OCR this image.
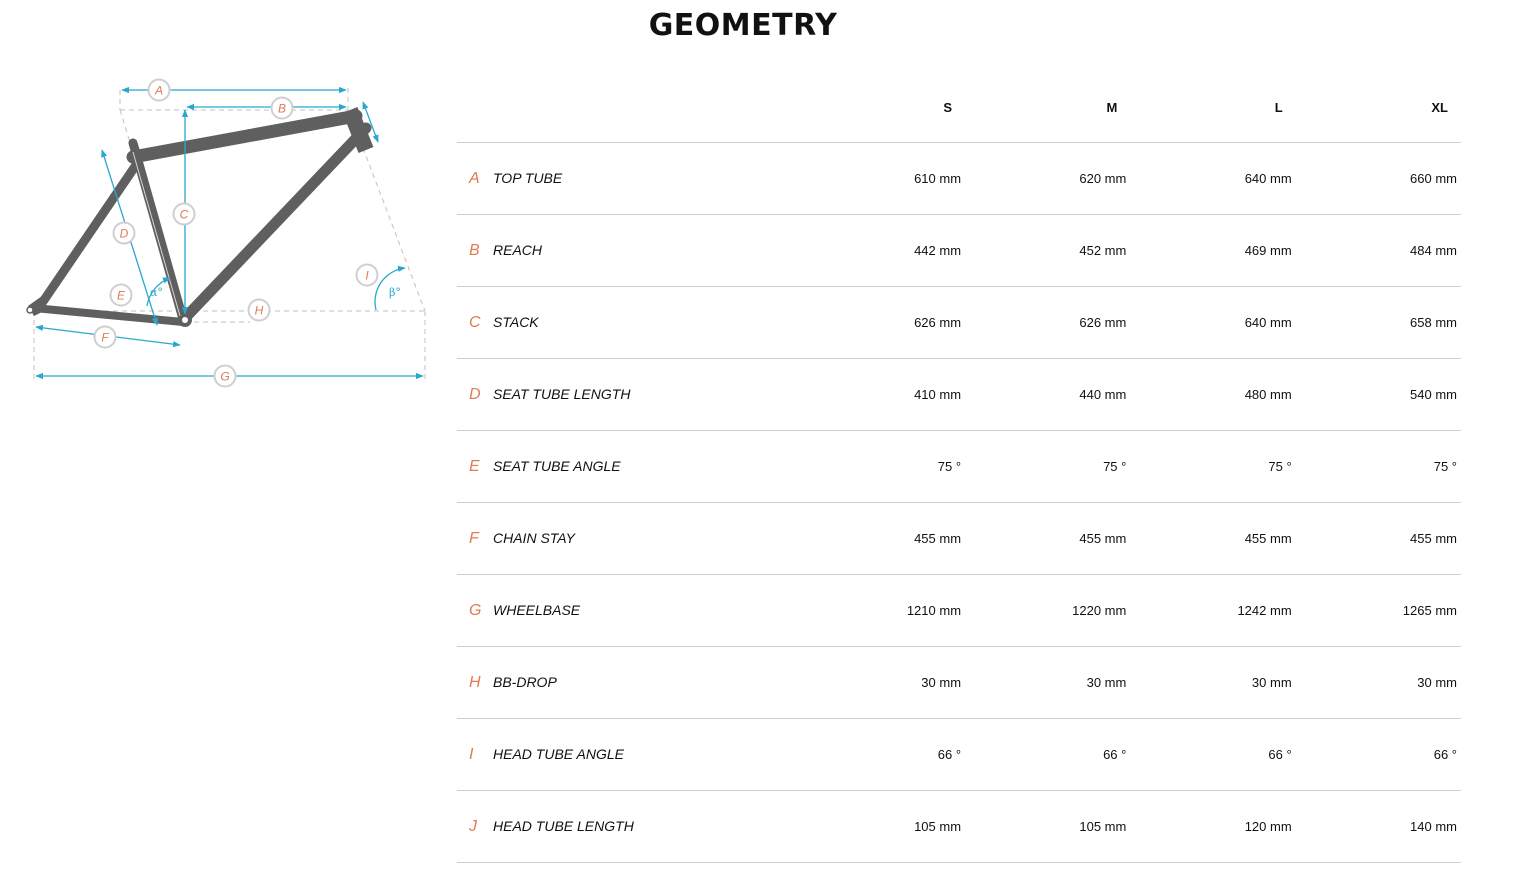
GEOMETRY
α°	β°
A
B
C
D
E
F
G
H
I
	S	M	L	XL
A TOP TUBE	610 mm	620 mm	640 mm	660 mm
B REACH	442 mm	452 mm	469 mm	484 mm
C STACK	626 mm	626 mm	640 mm	658 mm
D SEAT TUBE LENGTH	410 mm	440 mm	480 mm	540 mm
E SEAT TUBE ANGLE	75 °	75 °	75 °	75 °
F CHAIN STAY	455 mm	455 mm	455 mm	455 mm
G WHEELBASE	1210 mm	1220 mm	1242 mm	1265 mm
H BB-DROP	30 mm	30 mm	30 mm	30 mm
I HEAD TUBE ANGLE	66 °	66 °	66 °	66 °
J HEAD TUBE LENGTH	105 mm	105 mm	120 mm	140 mm
